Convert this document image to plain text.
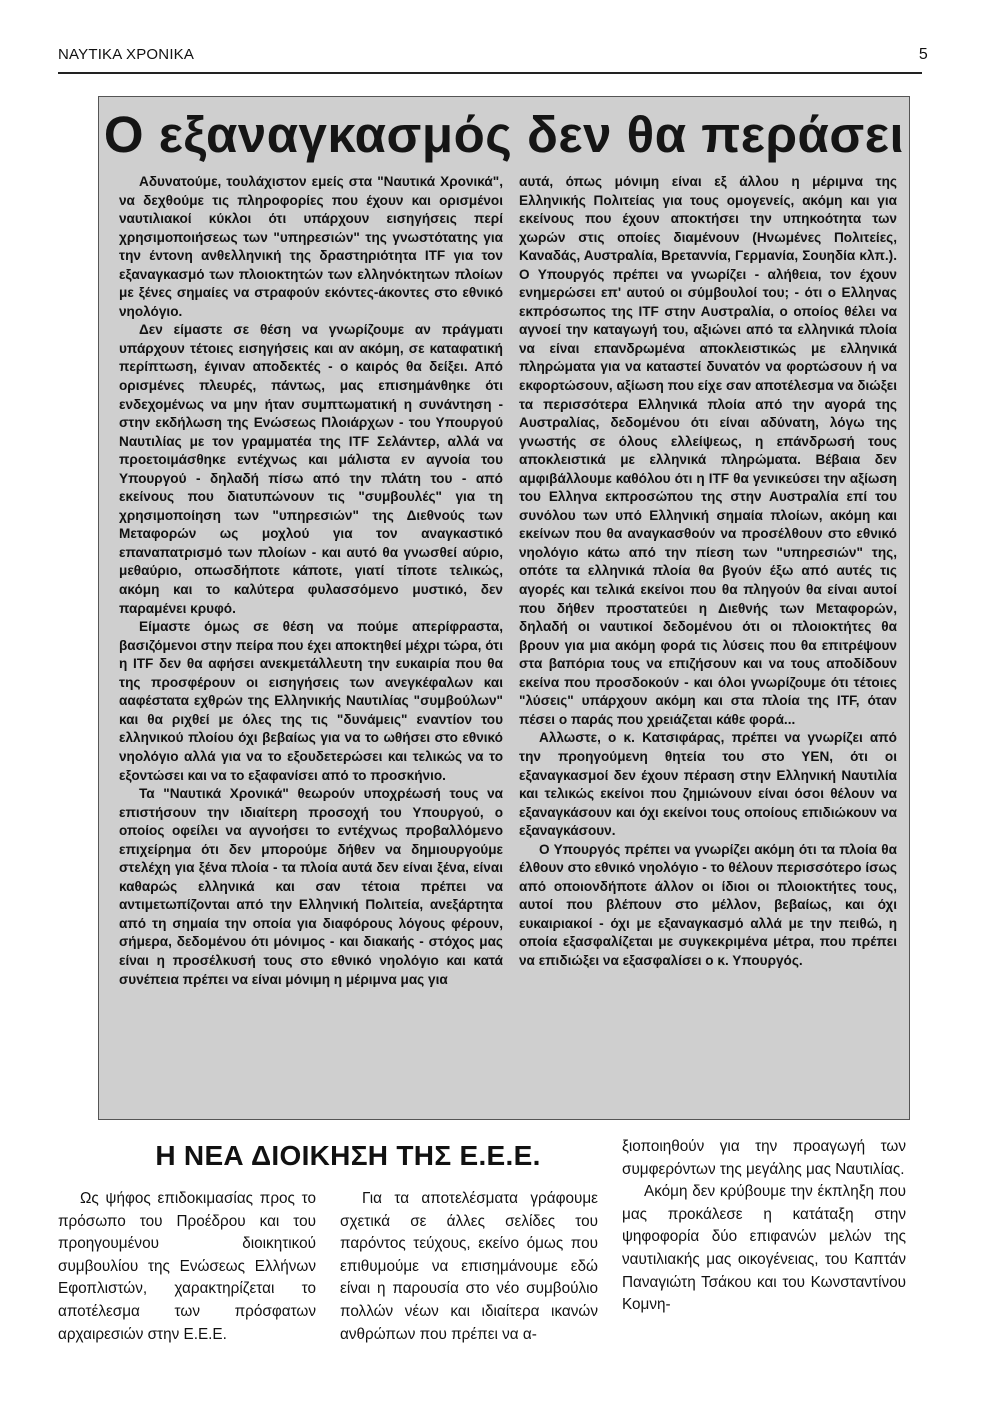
ΝΑΥΤΙΚΑ ΧΡΟΝΙΚΑ	5
Ο εξαναγκασμός δεν θα περάσει

Αδυνατούμε, τουλάχιστον εμείς στα "Ναυτικά Χρονικά", να δεχθούμε τις πληροφορίες που έχουν και ορισμένοι ναυτιλιακοί κύκλοι ότι υπάρχουν εισηγήσεις περί χρησιμοποιήσεως των "υπηρεσιών" της γνωστότατης για την έντονη ανθελληνική της δραστηριότητα ITF για τον εξαναγκασμό των πλοιοκτητών των ελληνόκτητων πλοίων με ξένες σημαίες να στραφούν εκόντες-άκοντες στο εθνικό νηολόγιο.

Δεν είμαστε σε θέση να γνωρίζουμε αν πράγματι υπάρχουν τέτοιες εισηγήσεις και αν ακόμη, σε καταφατική περίπτωση, έγιναν αποδεκτές - ο καιρός θα δείξει. Από ορισμένες πλευρές, πάντως, μας επισημάνθηκε ότι ενδεχομένως να μην ήταν συμπτωματική η συνάντηση - στην εκδήλωση της Ενώσεως Πλοιάρχων - του Υπουργού Ναυτιλίας με τον γραμματέα της ITF Σελάντερ, αλλά να προετοιμάσθηκε εντέχνως και μάλιστα εν αγνοία του Υπουργού - δηλαδή πίσω από την πλάτη του - από εκείνους που διατυπώνουν τις "συμβουλές" για τη χρησιμοποίηση των "υπηρεσιών" της Διεθνούς των Μεταφορών ως μοχλού για τον αναγκαστικό επαναπατρισμό των πλοίων - και αυτό θα γνωσθεί αύριο, μεθαύριο, οπωσδήποτε κάποτε, γιατί τίποτε τελικώς, ακόμη και το καλύτερα φυλασσόμενο μυστικό, δεν παραμένει κρυφό.

Είμαστε όμως σε θέση να πούμε απερίφραστα, βασιζόμενοι στην πείρα που έχει αποκτηθεί μέχρι τώρα, ότι η ITF δεν θα αφήσει ανεκμετάλλευτη την ευκαιρία που θα της προσφέρουν οι εισηγήσεις των ανεγκέφαλων και ααφέστατα εχθρών της Ελληνικής Ναυτιλίας "συμβούλων" και θα ριχθεί με όλες της τις "δυνάμεις" εναντίον του ελληνικού πλοίου όχι βεβαίως για να το ωθήσει στο εθνικό νηολόγιο αλλά για να το εξουδετερώσει και τελικώς να το εξοντώσει και να το εξαφανίσει από το προσκήνιο.

Τα "Ναυτικά Χρονικά" θεωρούν υποχρέωσή τους να επιστήσουν την ιδιαίτερη προσοχή του Υπουργού, ο οποίος οφείλει να αγνοήσει το εντέχνως προβαλλόμενο επιχείρημα ότι δεν μπορούμε δήθεν να δημιουργούμε στελέχη για ξένα πλοία - τα πλοία αυτά δεν είναι ξένα, είναι καθαρώς ελληνικά και σαν τέτοια πρέπει να αντιμετωπίζονται από την Ελληνική Πολιτεία, ανεξάρτητα από τη σημαία την οποία για διαφόρους λόγους φέρουν, σήμερα, δεδομένου ότι μόνιμος - και διακαής - στόχος μας είναι η προσέλκυσή τους στο εθνικό νηολόγιο και κατά συνέπεια πρέπει να είναι μόνιμη η μέριμνα μας για

αυτά, όπως μόνιμη είναι εξ άλλου η μέριμνα της Ελληνικής Πολιτείας για τους ομογενείς, ακόμη και για εκείνους που έχουν αποκτήσει την υπηκοότητα των χωρών στις οποίες διαμένουν (Ηνωμένες Πολιτείες, Καναδάς, Αυστραλία, Βρεταννία, Γερμανία, Σουηδία κλπ.). Ο Υπουργός πρέπει να γνωρίζει - αλήθεια, τον έχουν ενημερώσει επ' αυτού οι σύμβουλοί του; - ότι ο Ελληνας εκπρόσωπος της ITF στην Αυστραλία, ο οποίος θέλει να αγνοεί την καταγωγή του, αξιώνει από τα ελληνικά πλοία να είναι επανδρωμένα αποκλειστικώς με ελληνικά πληρώματα για να καταστεί δυνατόν να φορτώσουν ή να εκφορτώσουν, αξίωση που είχε σαν αποτέλεσμα να διώξει τα περισσότερα Ελληνικά πλοία από την αγορά της Αυστραλίας, δεδομένου ότι είναι αδύνατη, λόγω της γνωστής σε όλους ελλείψεως, η επάνδρωσή τους αποκλειστικά με ελληνικά πληρώματα. Βέβαια δεν αμφιβάλλουμε καθόλου ότι η ITF θα γενικεύσει την αξίωση του Ελληνα εκπροσώπου της στην Αυστραλία επί του συνόλου των υπό Ελληνική σημαία πλοίων, ακόμη και εκείνων που θα αναγκασθούν να προσέλθουν στο εθνικό νηολόγιο κάτω από την πίεση των "υπηρεσιών" της, οπότε τα ελληνικά πλοία θα βγούν έξω από αυτές τις αγορές και τελικά εκείνοι που θα πληγούν θα είναι αυτοί που δήθεν προστατεύει η Διεθνής των Μεταφορών, δηλαδή οι ναυτικοί δεδομένου ότι οι πλοιοκτήτες θα βρουν για μια ακόμη φορά τις λύσεις που θα επιτρέψουν στα βαπόρια τους να επιζήσουν και να τους αποδίδουν εκείνα που προσδοκούν - και όλοι γνωρίζουμε ότι τέτοιες "λύσεις" υπάρχουν ακόμη και στα πλοία της ITF, όταν πέσει ο παράς που χρειάζεται κάθε φορά...

Αλλωστε, ο κ. Κατσιφάρας, πρέπει να γνωρίζει από την προηγούμενη θητεία του στο ΥΕΝ, ότι οι εξαναγκασμοί δεν έχουν πέραση στην Ελληνική Ναυτιλία και τελικώς εκείνοι που ζημιώνουν είναι όσοι θέλουν να εξαναγκάσουν και όχι εκείνοι τους οποίους επιδιώκουν να εξαναγκάσουν.

Ο Υπουργός πρέπει να γνωρίζει ακόμη ότι τα πλοία θα έλθουν στο εθνικό νηολόγιο - το θέλουν περισσότερο ίσως από οποιονδήποτε άλλον οι ίδιοι οι πλοιοκτήτες τους, αυτοί που βλέπουν στο μέλλον, βεβαίως, και όχι ευκαιριακοί - όχι με εξαναγκασμό αλλά με την πειθώ, η οποία εξασφαλίζεται με συγκεκριμένα μέτρα, που πρέπει να επιδιώξει να εξασφαλίσει ο κ. Υπουργός.

Η ΝΕΑ ΔΙΟΙΚΗΣΗ ΤΗΣ Ε.Ε.Ε.

Ως ψήφος επιδοκιμασίας προς το πρόσωπο του Προέδρου και του προηγουμένου διοικητικού συμβουλίου της Ενώσεως Ελλήνων Εφοπλιστών, χαρακτηρίζεται το αποτέλεσμα των πρόσφατων αρχαιρεσιών στην Ε.Ε.Ε.

Για τα αποτελέσματα γράφουμε σχετικά σε άλλες σελίδες του παρόντος τεύχους, εκείνο όμως που επιθυμούμε να επισημάνουμε εδώ είναι η παρουσία στο νέο συμβούλιο πολλών νέων και ιδιαίτερα ικανών ανθρώπων που πρέπει να α-

ξιοποιηθούν για την προαγωγή των συμφερόντων της μεγάλης μας Ναυτιλίας.

Ακόμη δεν κρύβουμε την έκπληξη που μας προκάλεσε η κατάταξη στην ψηφοφορία δύο επιφανών μελών της ναυτιλιακής μας οικογένειας, του Καπτάν Παναγιώτη Τσάκου και του Κωνσταντίνου Κομνη-
